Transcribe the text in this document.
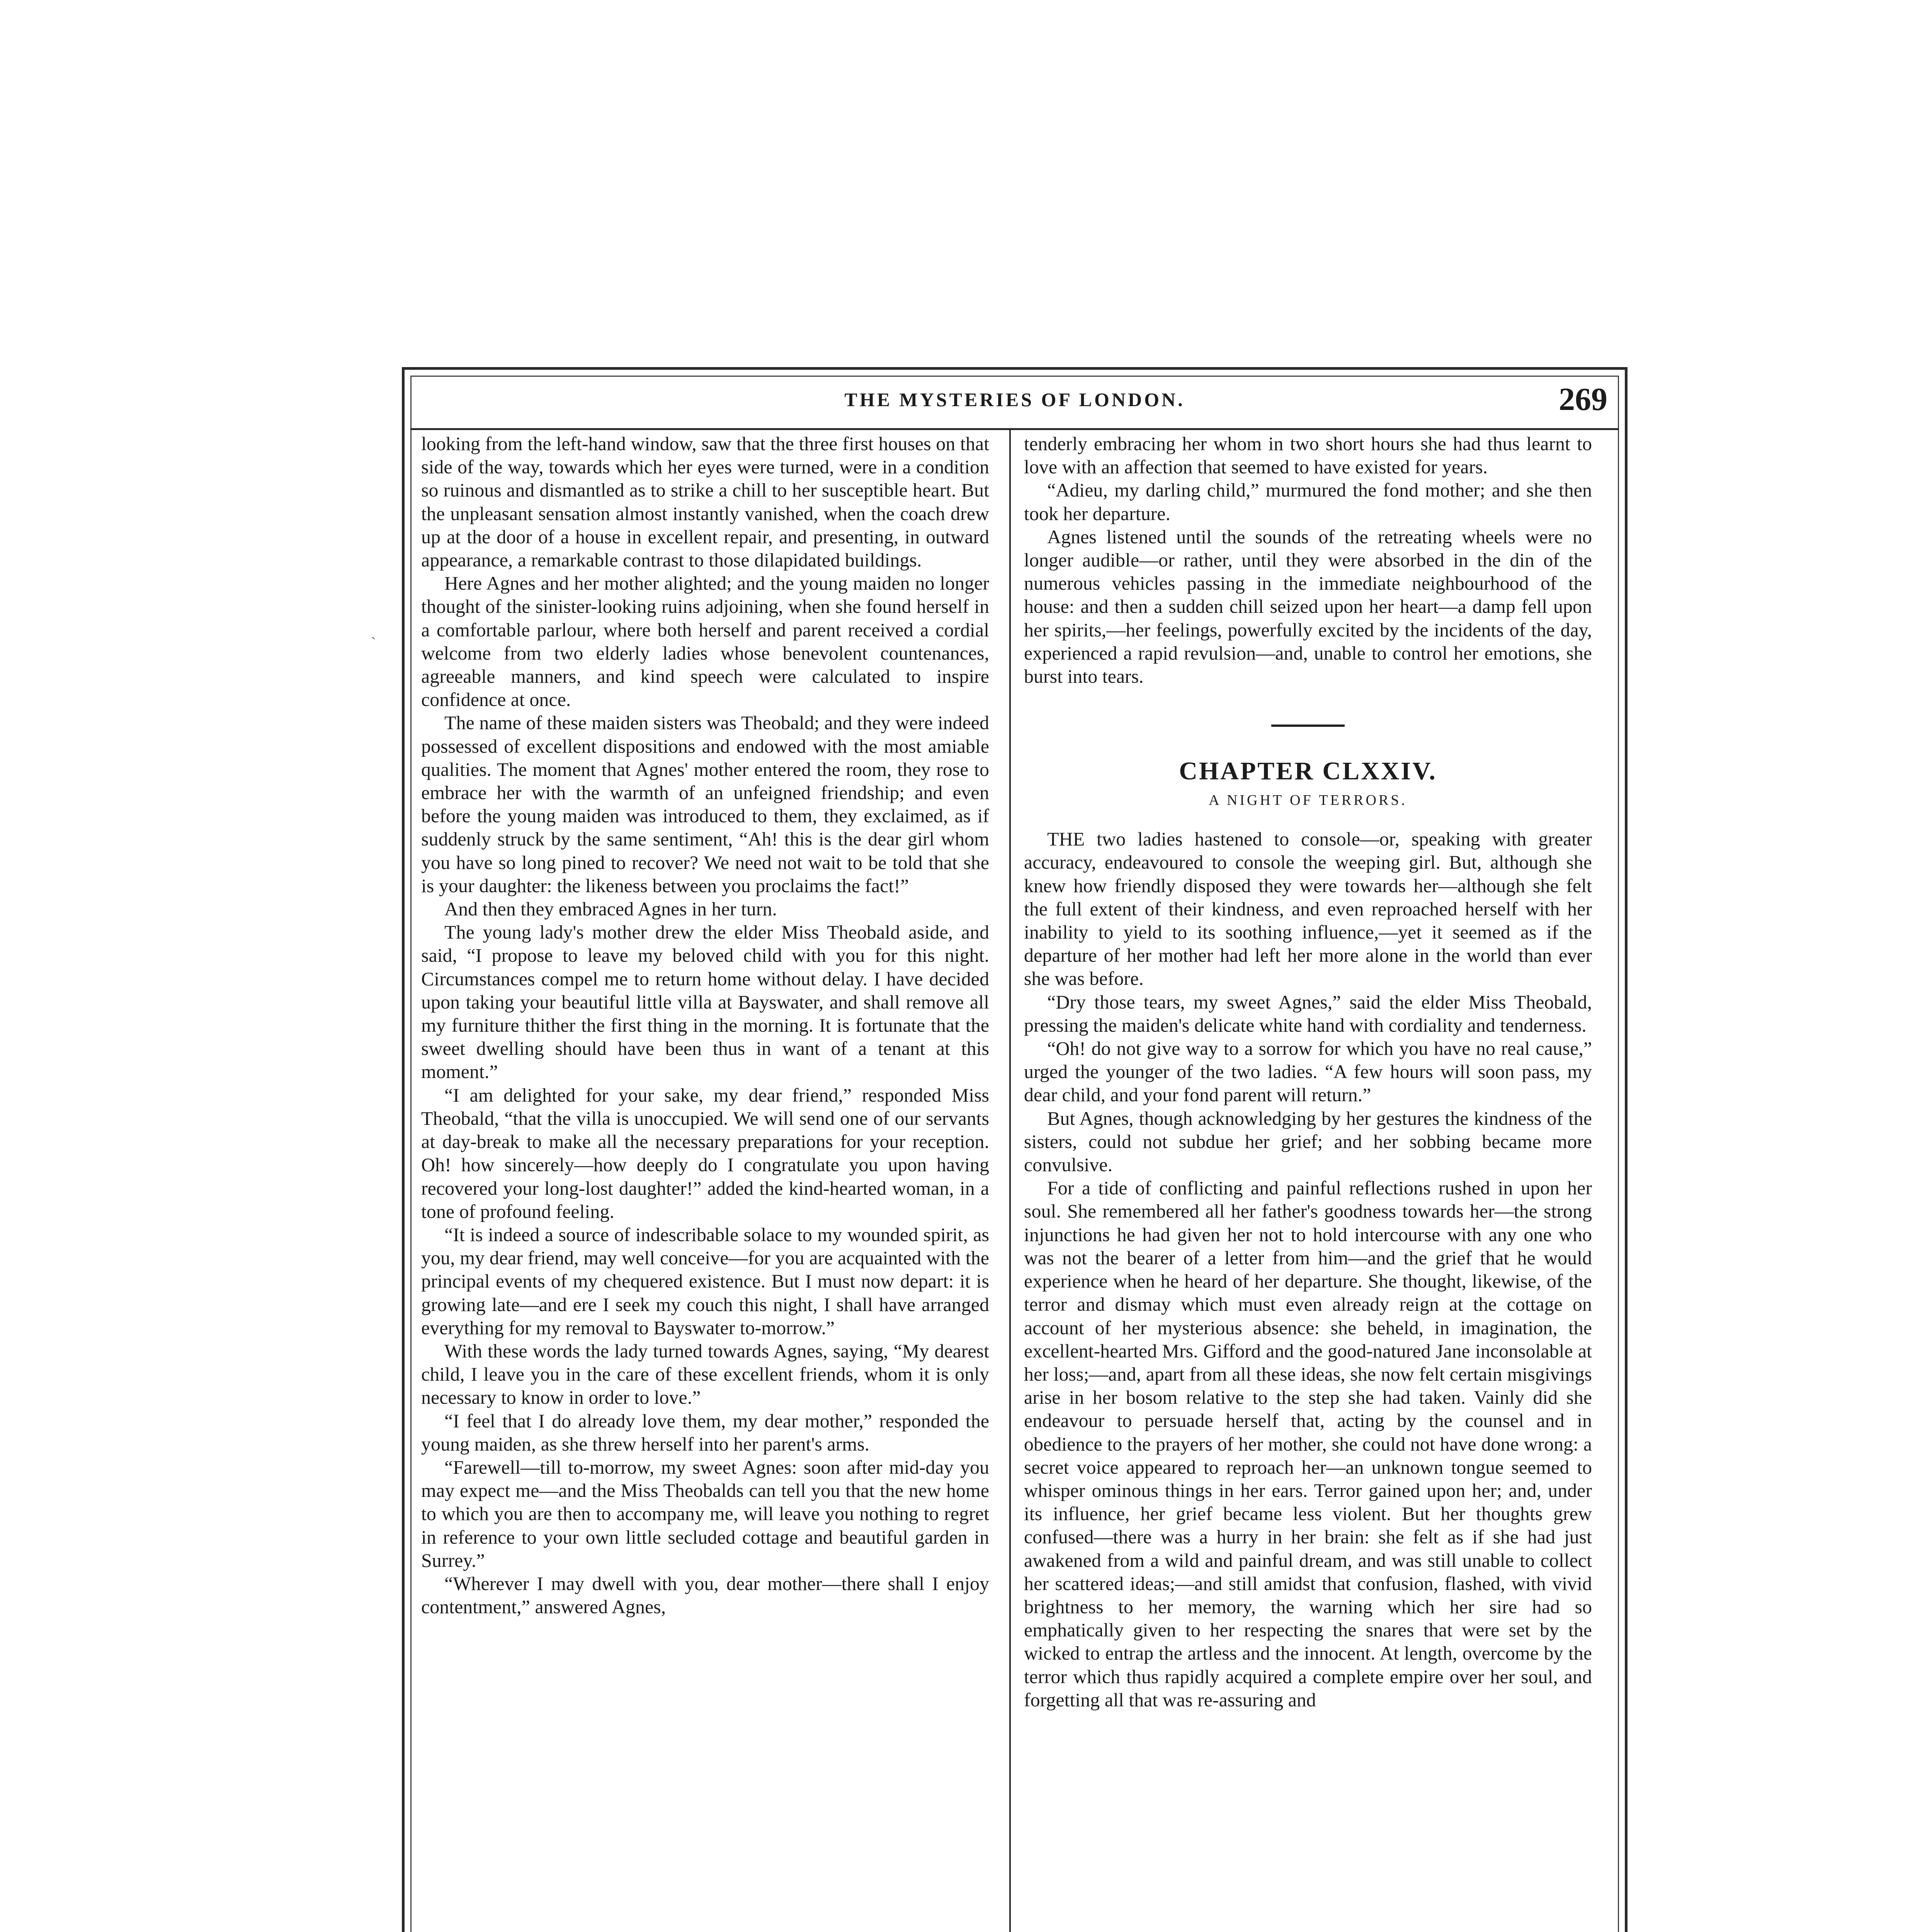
THE MYSTERIES OF LONDON.	269

looking from the left-hand window, saw that the three first houses on that side of the way, towards which her eyes were turned, were in a condition so ruinous and dismantled as to strike a chill to her susceptible heart. But the unpleasant sensation almost instantly vanished, when the coach drew up at the door of a house in excellent repair, and presenting, in outward appearance, a remarkable contrast to those dilapidated buildings.

Here Agnes and her mother alighted; and the young maiden no longer thought of the sinister-looking ruins adjoining, when she found herself in a comfortable parlour, where both herself and parent received a cordial welcome from two elderly ladies whose benevolent countenances, agreeable manners, and kind speech were calculated to inspire confidence at once.

The name of these maiden sisters was Theobald; and they were indeed possessed of excellent dispositions and endowed with the most amiable qualities. The moment that Agnes' mother entered the room, they rose to embrace her with the warmth of an unfeigned friendship; and even before the young maiden was introduced to them, they exclaimed, as if suddenly struck by the same sentiment, “Ah! this is the dear girl whom you have so long pined to recover? We need not wait to be told that she is your daughter: the likeness between you proclaims the fact!”

And then they embraced Agnes in her turn.

The young lady's mother drew the elder Miss Theobald aside, and said, “I propose to leave my beloved child with you for this night. Circumstances compel me to return home without delay. I have decided upon taking your beautiful little villa at Bayswater, and shall remove all my furniture thither the first thing in the morning. It is fortunate that the sweet dwelling should have been thus in want of a tenant at this moment.”

“I am delighted for your sake, my dear friend,” responded Miss Theobald, “that the villa is unoccupied. We will send one of our servants at day-break to make all the necessary preparations for your reception. Oh! how sincerely—how deeply do I congratulate you upon having recovered your long-lost daughter!” added the kind-hearted woman, in a tone of profound feeling.

“It is indeed a source of indescribable solace to my wounded spirit, as you, my dear friend, may well conceive—for you are acquainted with the principal events of my chequered existence. But I must now depart: it is growing late—and ere I seek my couch this night, I shall have arranged everything for my removal to Bayswater to-morrow.”

With these words the lady turned towards Agnes, saying, “My dearest child, I leave you in the care of these excellent friends, whom it is only necessary to know in order to love.”

“I feel that I do already love them, my dear mother,” responded the young maiden, as she threw herself into her parent's arms.

“Farewell—till to-morrow, my sweet Agnes: soon after mid-day you may expect me—and the Miss Theobalds can tell you that the new home to which you are then to accompany me, will leave you nothing to regret in reference to your own little secluded cottage and beautiful garden in Surrey.”

“Wherever I may dwell with you, dear mother—there shall I enjoy contentment,” answered Agnes,

tenderly embracing her whom in two short hours she had thus learnt to love with an affection that seemed to have existed for years.

“Adieu, my darling child,” murmured the fond mother; and she then took her departure.

Agnes listened until the sounds of the retreating wheels were no longer audible—or rather, until they were absorbed in the din of the numerous vehicles passing in the immediate neighbourhood of the house: and then a sudden chill seized upon her heart—a damp fell upon her spirits,—her feelings, powerfully excited by the incidents of the day, experienced a rapid revulsion—and, unable to control her emotions, she burst into tears.

CHAPTER CLXXIV.
A NIGHT OF TERRORS.

THE two ladies hastened to console—or, speaking with greater accuracy, endeavoured to console the weeping girl. But, although she knew how friendly disposed they were towards her—although she felt the full extent of their kindness, and even reproached herself with her inability to yield to its soothing influence,—yet it seemed as if the departure of her mother had left her more alone in the world than ever she was before.

“Dry those tears, my sweet Agnes,” said the elder Miss Theobald, pressing the maiden's delicate white hand with cordiality and tenderness.

“Oh! do not give way to a sorrow for which you have no real cause,” urged the younger of the two ladies. “A few hours will soon pass, my dear child, and your fond parent will return.”

But Agnes, though acknowledging by her gestures the kindness of the sisters, could not subdue her grief; and her sobbing became more convulsive.

For a tide of conflicting and painful reflections rushed in upon her soul. She remembered all her father's goodness towards her—the strong injunctions he had given her not to hold intercourse with any one who was not the bearer of a letter from him—and the grief that he would experience when he heard of her departure. She thought, likewise, of the terror and dismay which must even already reign at the cottage on account of her mysterious absence: she beheld, in imagination, the excellent-hearted Mrs. Gifford and the good-natured Jane inconsolable at her loss;—and, apart from all these ideas, she now felt certain misgivings arise in her bosom relative to the step she had taken. Vainly did she endeavour to persuade herself that, acting by the counsel and in obedience to the prayers of her mother, she could not have done wrong: a secret voice appeared to reproach her—an unknown tongue seemed to whisper ominous things in her ears. Terror gained upon her; and, under its influence, her grief became less violent. But her thoughts grew confused—there was a hurry in her brain: she felt as if she had just awakened from a wild and painful dream, and was still unable to collect her scattered ideas;—and still amidst that confusion, flashed, with vivid brightness to her memory, the warning which her sire had so emphatically given to her respecting the snares that were set by the wicked to entrap the artless and the innocent. At length, overcome by the terror which thus rapidly acquired a complete empire over her soul, and forgetting all that was re-assuring and

`
